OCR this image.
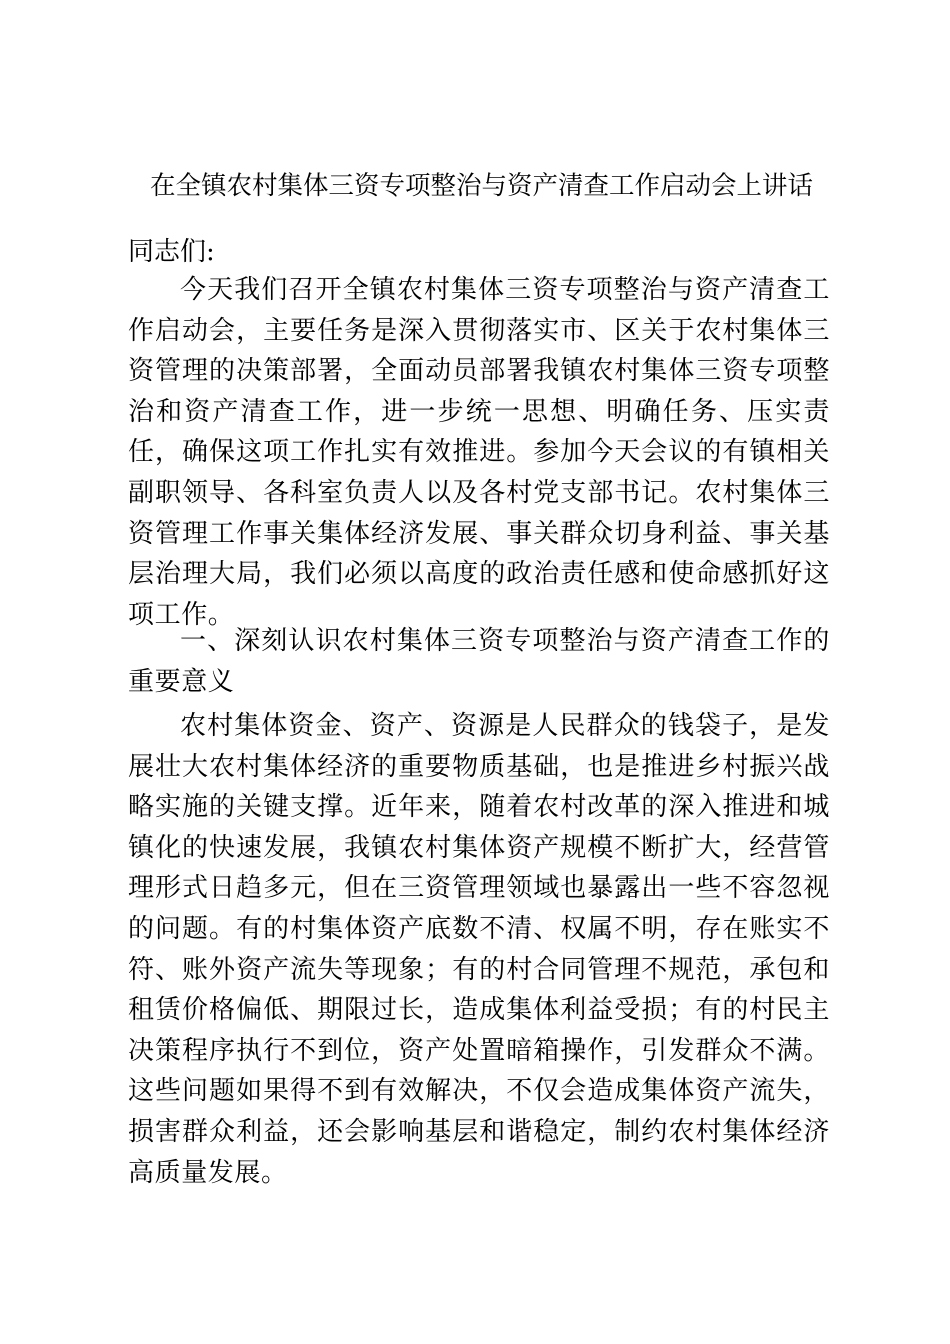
在全镇农村集体三资专项整治与资产清查工作启动会上讲话

同志们:

今天我们召开全镇农村集体三资专项整治与资产清查工作启动会，主要任务是深入贯彻落实市、区关于农村集体三资管理的决策部署，全面动员部署我镇农村集体三资专项整治和资产清查工作，进一步统一思想、明确任务、压实责任，确保这项工作扎实有效推进。参加今天会议的有镇相关副职领导、各科室负责人以及各村党支部书记。农村集体三资管理工作事关集体经济发展、事关群众切身利益、事关基层治理大局，我们必须以高度的政治责任感和使命感抓好这项工作。

一、深刻认识农村集体三资专项整治与资产清查工作的重要意义

农村集体资金、资产、资源是人民群众的钱袋子，是发展壮大农村集体经济的重要物质基础，也是推进乡村振兴战略实施的关键支撑。近年来，随着农村改革的深入推进和城镇化的快速发展，我镇农村集体资产规模不断扩大，经营管理形式日趋多元，但在三资管理领域也暴露出一些不容忽视的问题。有的村集体资产底数不清、权属不明，存在账实不符、账外资产流失等现象；有的村合同管理不规范，承包和租赁价格偏低、期限过长，造成集体利益受损；有的村民主决策程序执行不到位，资产处置暗箱操作，引发群众不满。这些问题如果得不到有效解决，不仅会造成集体资产流失，损害群众利益，还会影响基层和谐稳定，制约农村集体经济高质量发展。
